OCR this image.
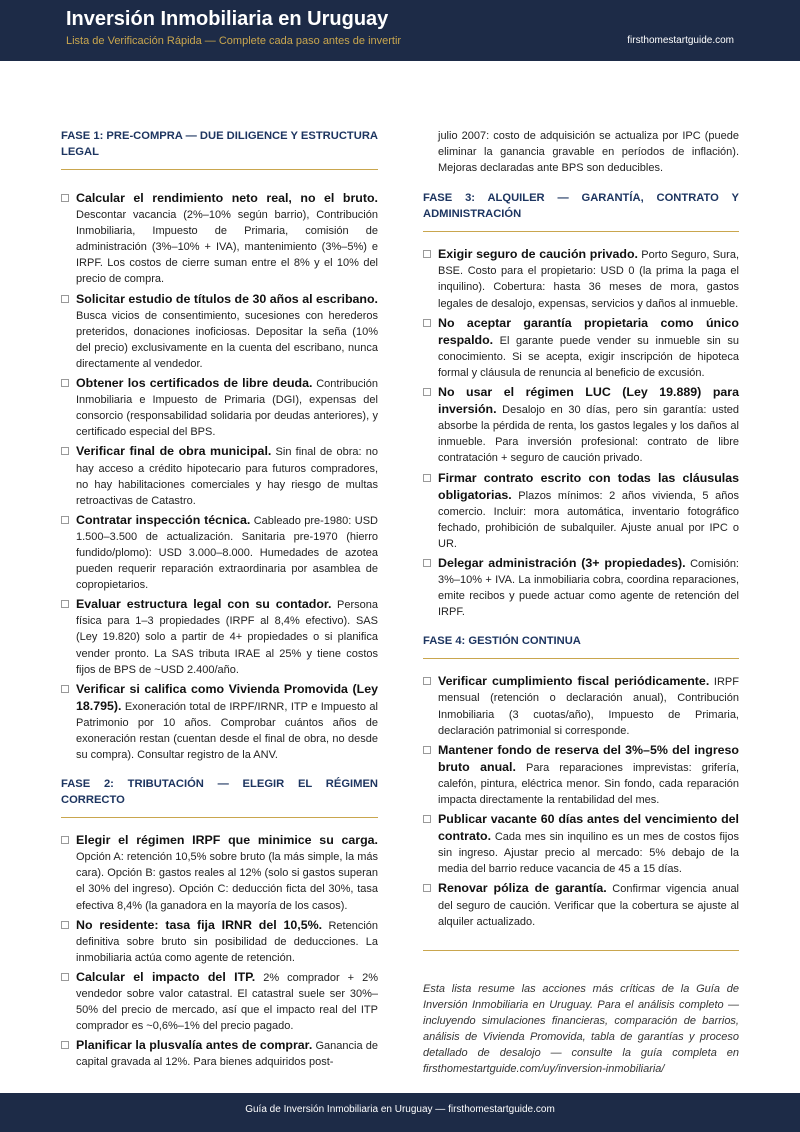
Inversión Inmobiliaria en Uruguay
Lista de Verificación Rápida — Complete cada paso antes de invertir	firsthomestartguide.com
FASE 1: PRE-COMPRA — DUE DILIGENCE Y ESTRUCTURA LEGAL
Calcular el rendimiento neto real, no el bruto. Descontar vacancia (2%–10% según barrio), Contribución Inmobiliaria, Impuesto de Primaria, comisión de administración (3%–10% + IVA), mantenimiento (3%–5%) e IRPF. Los costos de cierre suman entre el 8% y el 10% del precio de compra.
Solicitar estudio de títulos de 30 años al escribano. Busca vicios de consentimiento, sucesiones con herederos preteridos, donaciones inoficiosas. Depositar la seña (10% del precio) exclusivamente en la cuenta del escribano, nunca directamente al vendedor.
Obtener los certificados de libre deuda. Contribución Inmobiliaria e Impuesto de Primaria (DGI), expensas del consorcio (responsabilidad solidaria por deudas anteriores), y certificado especial del BPS.
Verificar final de obra municipal. Sin final de obra: no hay acceso a crédito hipotecario para futuros compradores, no hay habilitaciones comerciales y hay riesgo de multas retroactivas de Catastro.
Contratar inspección técnica. Cableado pre-1980: USD 1.500–3.500 de actualización. Sanitaria pre-1970 (hierro fundido/plomo): USD 3.000–8.000. Humedades de azotea pueden requerir reparación extraordinaria por asamblea de copropietarios.
Evaluar estructura legal con su contador. Persona física para 1–3 propiedades (IRPF al 8,4% efectivo). SAS (Ley 19.820) solo a partir de 4+ propiedades o si planifica vender pronto. La SAS tributa IRAE al 25% y tiene costos fijos de BPS de ~USD 2.400/año.
Verificar si califica como Vivienda Promovida (Ley 18.795). Exoneración total de IRPF/IRNR, ITP e Impuesto al Patrimonio por 10 años. Comprobar cuántos años de exoneración restan (cuentan desde el final de obra, no desde su compra). Consultar registro de la ANV.
FASE 2: TRIBUTACIÓN — ELEGIR EL RÉGIMEN CORRECTO
Elegir el régimen IRPF que minimice su carga. Opción A: retención 10,5% sobre bruto (la más simple, la más cara). Opción B: gastos reales al 12% (solo si gastos superan el 30% del ingreso). Opción C: deducción ficta del 30%, tasa efectiva 8,4% (la ganadora en la mayoría de los casos).
No residente: tasa fija IRNR del 10,5%. Retención definitiva sobre bruto sin posibilidad de deducciones. La inmobiliaria actúa como agente de retención.
Calcular el impacto del ITP. 2% comprador + 2% vendedor sobre valor catastral. El catastral suele ser 30%–50% del precio de mercado, así que el impacto real del ITP comprador es ~0,6%–1% del precio pagado.
Planificar la plusvalía antes de comprar. Ganancia de capital gravada al 12%. Para bienes adquiridos post-
julio 2007: costo de adquisición se actualiza por IPC (puede eliminar la ganancia gravable en períodos de inflación). Mejoras declaradas ante BPS son deducibles.
FASE 3: ALQUILER — GARANTÍA, CONTRATO Y ADMINISTRACIÓN
Exigir seguro de caución privado. Porto Seguro, Sura, BSE. Costo para el propietario: USD 0 (la prima la paga el inquilino). Cobertura: hasta 36 meses de mora, gastos legales de desalojo, expensas, servicios y daños al inmueble.
No aceptar garantía propietaria como único respaldo. El garante puede vender su inmueble sin su conocimiento. Si se acepta, exigir inscripción de hipoteca formal y cláusula de renuncia al beneficio de excusión.
No usar el régimen LUC (Ley 19.889) para inversión. Desalojo en 30 días, pero sin garantía: usted absorbe la pérdida de renta, los gastos legales y los daños al inmueble. Para inversión profesional: contrato de libre contratación + seguro de caución privado.
Firmar contrato escrito con todas las cláusulas obligatorias. Plazos mínimos: 2 años vivienda, 5 años comercio. Incluir: mora automática, inventario fotográfico fechado, prohibición de subalquiler. Ajuste anual por IPC o UR.
Delegar administración (3+ propiedades). Comisión: 3%–10% + IVA. La inmobiliaria cobra, coordina reparaciones, emite recibos y puede actuar como agente de retención del IRPF.
FASE 4: GESTIÓN CONTINUA
Verificar cumplimiento fiscal periódicamente. IRPF mensual (retención o declaración anual), Contribución Inmobiliaria (3 cuotas/año), Impuesto de Primaria, declaración patrimonial si corresponde.
Mantener fondo de reserva del 3%–5% del ingreso bruto anual. Para reparaciones imprevistas: grifería, calefón, pintura, eléctrica menor. Sin fondo, cada reparación impacta directamente la rentabilidad del mes.
Publicar vacante 60 días antes del vencimiento del contrato. Cada mes sin inquilino es un mes de costos fijos sin ingreso. Ajustar precio al mercado: 5% debajo de la media del barrio reduce vacancia de 45 a 15 días.
Renovar póliza de garantía. Confirmar vigencia anual del seguro de caución. Verificar que la cobertura se ajuste al alquiler actualizado.
Esta lista resume las acciones más críticas de la Guía de Inversión Inmobiliaria en Uruguay. Para el análisis completo — incluyendo simulaciones financieras, comparación de barrios, análisis de Vivienda Promovida, tabla de garantías y proceso detallado de desalojo — consulte la guía completa en firsthomestartguide.com/uy/inversion-inmobiliaria/
Guía de Inversión Inmobiliaria en Uruguay — firsthomestartguide.com
